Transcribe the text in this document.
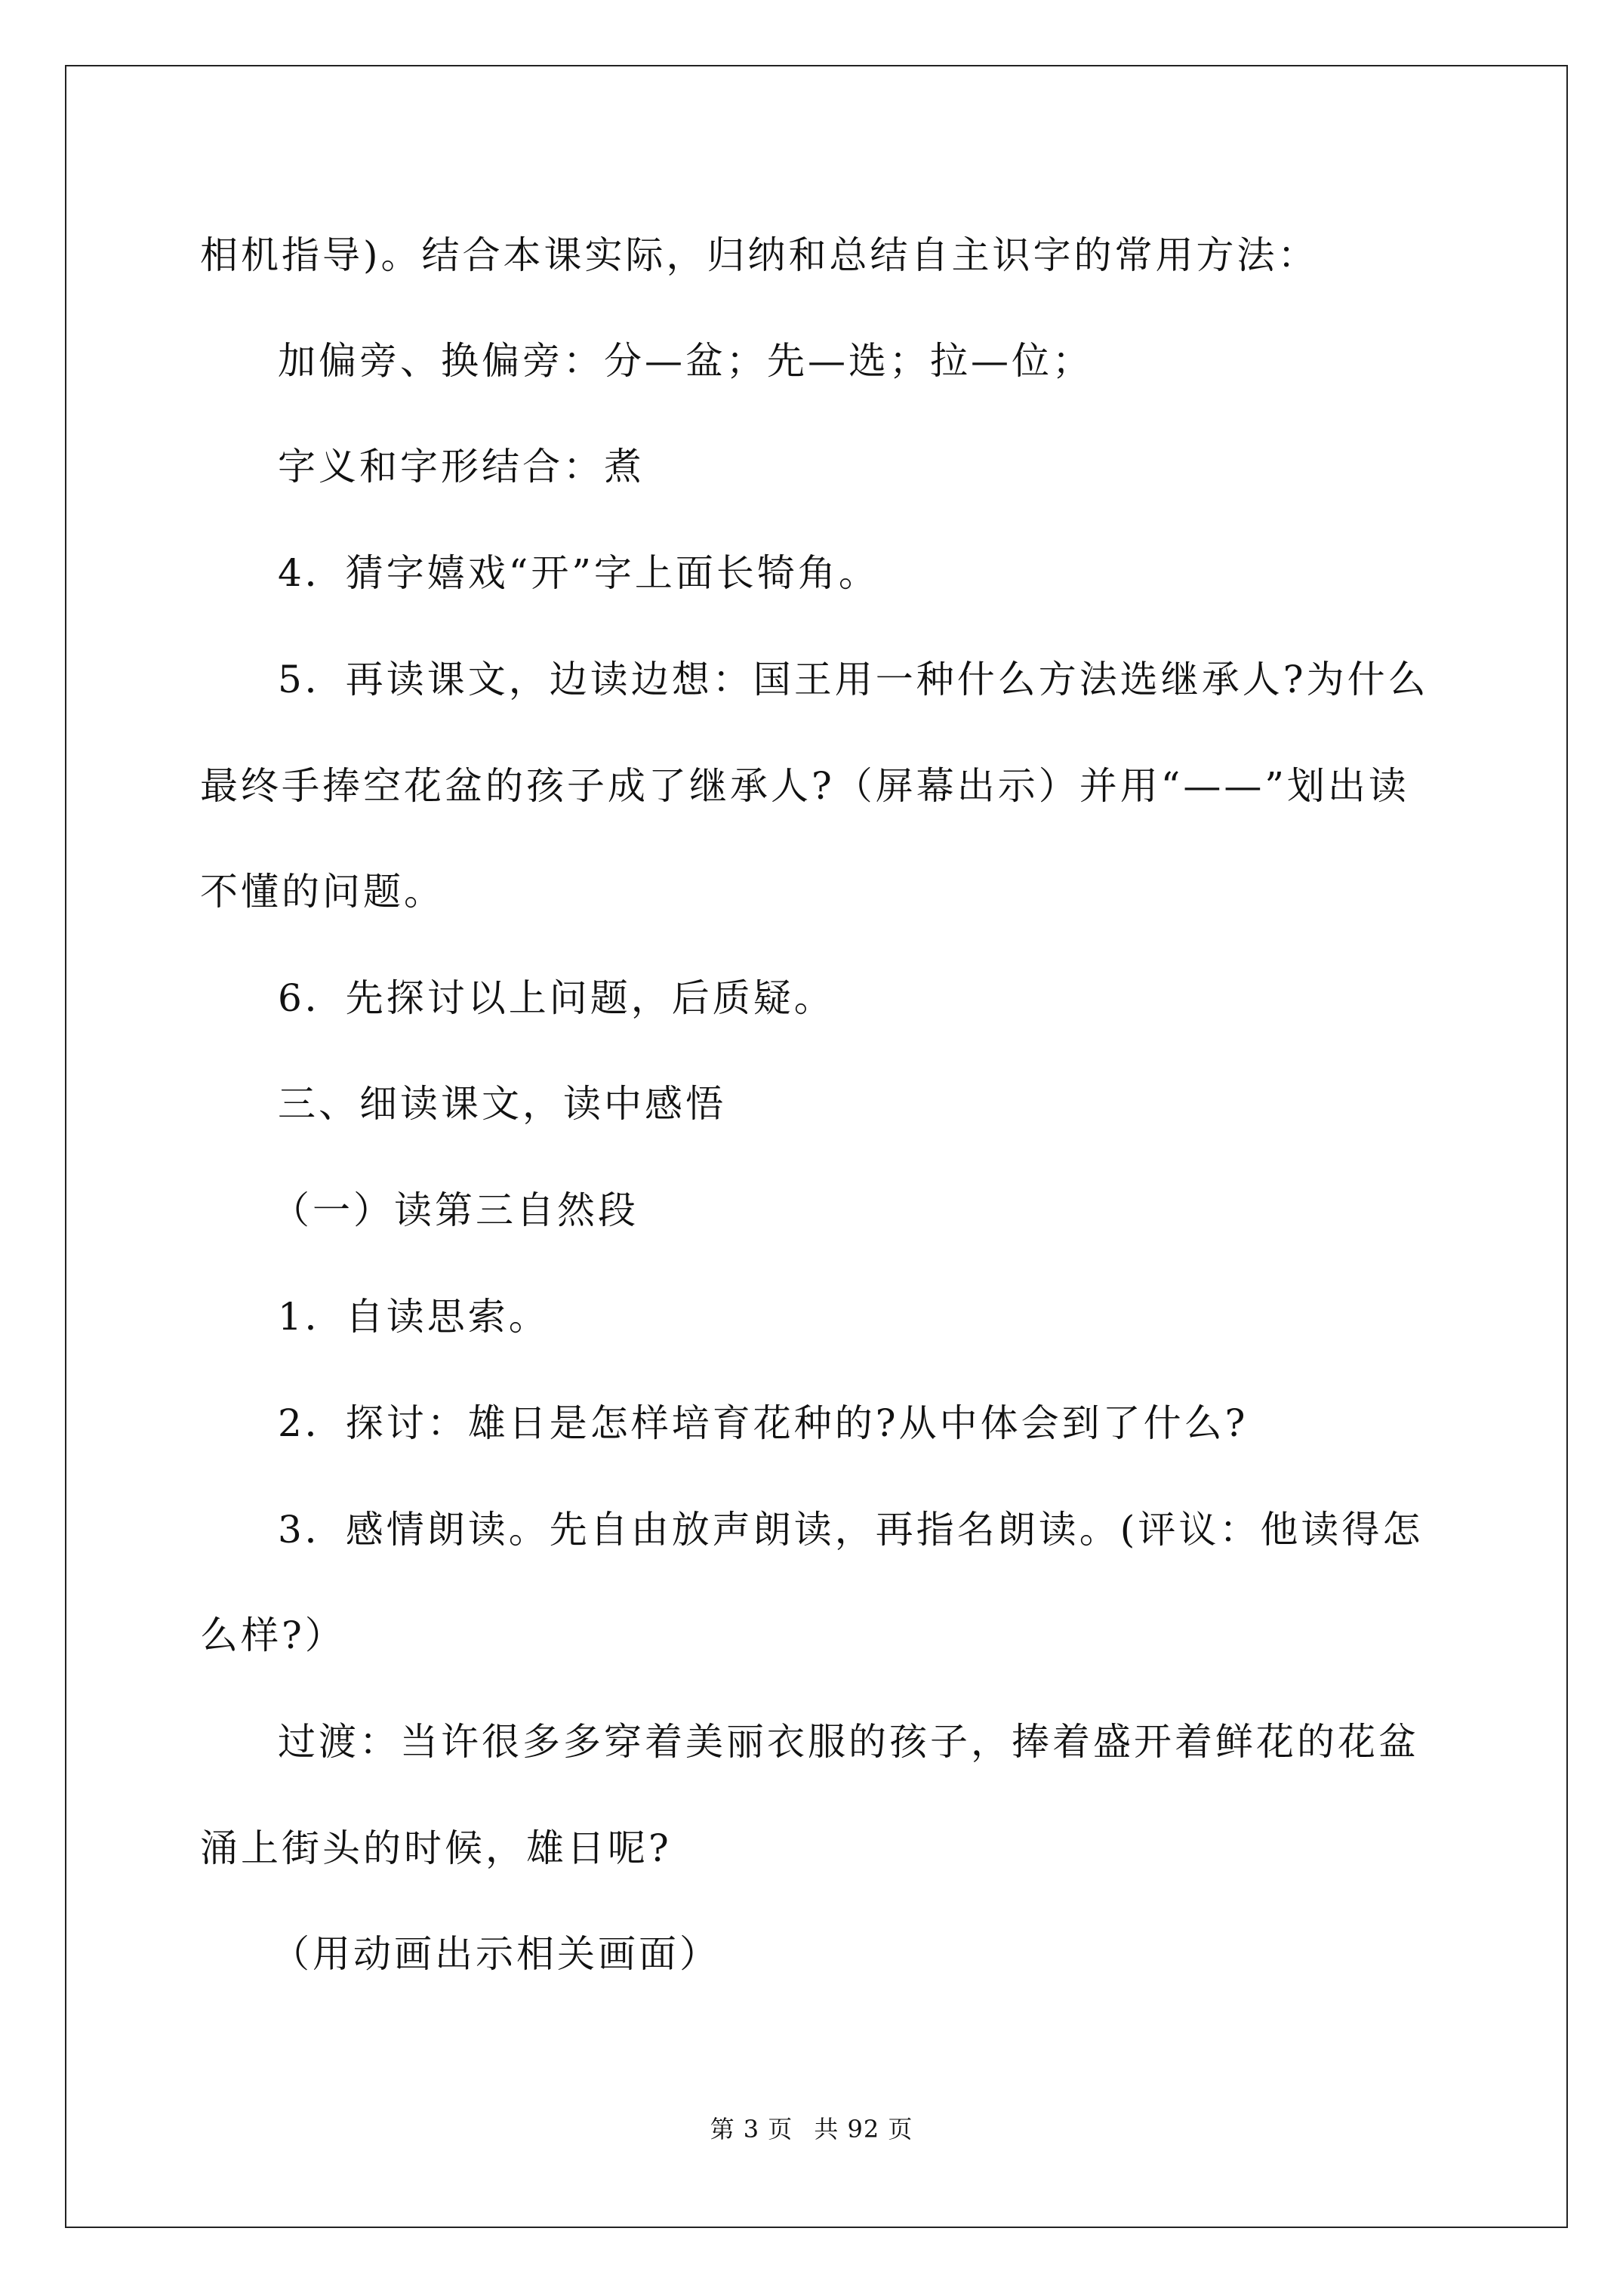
相机指导)。结合本课实际，归纳和总结自主识字的常用方法：
加偏旁、换偏旁：分—盆；先—选；拉—位；
字义和字形结合：煮
4．猜字嬉戏“开”字上面长犄角。
5．再读课文，边读边想：国王用一种什么方法选继承人?为什么
最终手捧空花盆的孩子成了继承人?（屏幕出示）并用“——”划出读
不懂的问题。
6．先探讨以上问题，后质疑。
三、细读课文，读中感悟
（一）读第三自然段
1．自读思索。
2．探讨：雄日是怎样培育花种的?从中体会到了什么?
3．感情朗读。先自由放声朗读，再指名朗读。(评议：他读得怎
么样?）
过渡：当许很多多穿着美丽衣服的孩子，捧着盛开着鲜花的花盆
涌上街头的时候，雄日呢?
（用动画出示相关画面）
第 3 页 共 92 页
